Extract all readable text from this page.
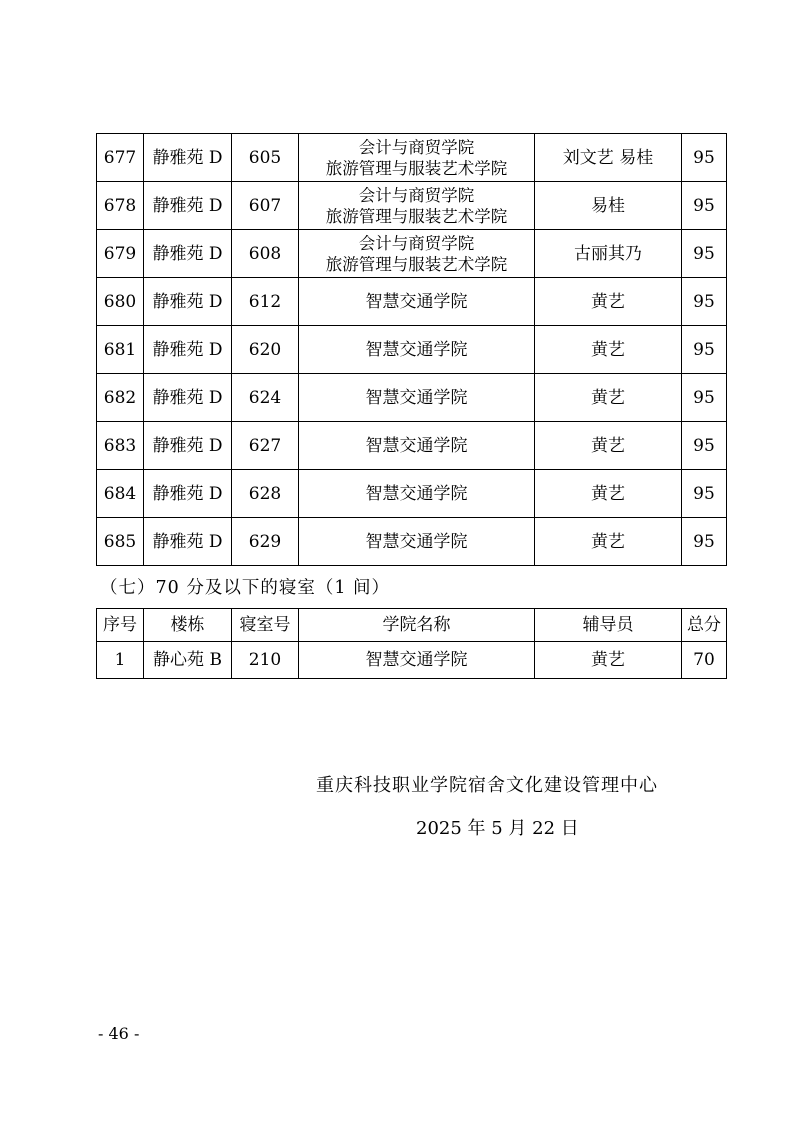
677	静雅苑 D	605	会计与商贸学院
旅游管理与服装艺术学院	刘文艺 易桂	95
678	静雅苑 D	607	会计与商贸学院
旅游管理与服装艺术学院	易桂	95
679	静雅苑 D	608	会计与商贸学院
旅游管理与服装艺术学院	古丽其乃	95
680	静雅苑 D	612	智慧交通学院	黄艺	95
681	静雅苑 D	620	智慧交通学院	黄艺	95
682	静雅苑 D	624	智慧交通学院	黄艺	95
683	静雅苑 D	627	智慧交通学院	黄艺	95
684	静雅苑 D	628	智慧交通学院	黄艺	95
685	静雅苑 D	629	智慧交通学院	黄艺	95
（七）70 分及以下的寝室（1 间）
序号	楼栋	寝室号	学院名称	辅导员	总分
1	静心苑 B	210	智慧交通学院	黄艺	70
重庆科技职业学院宿舍文化建设管理中心
2025 年 5 月 22 日
- 46 -
